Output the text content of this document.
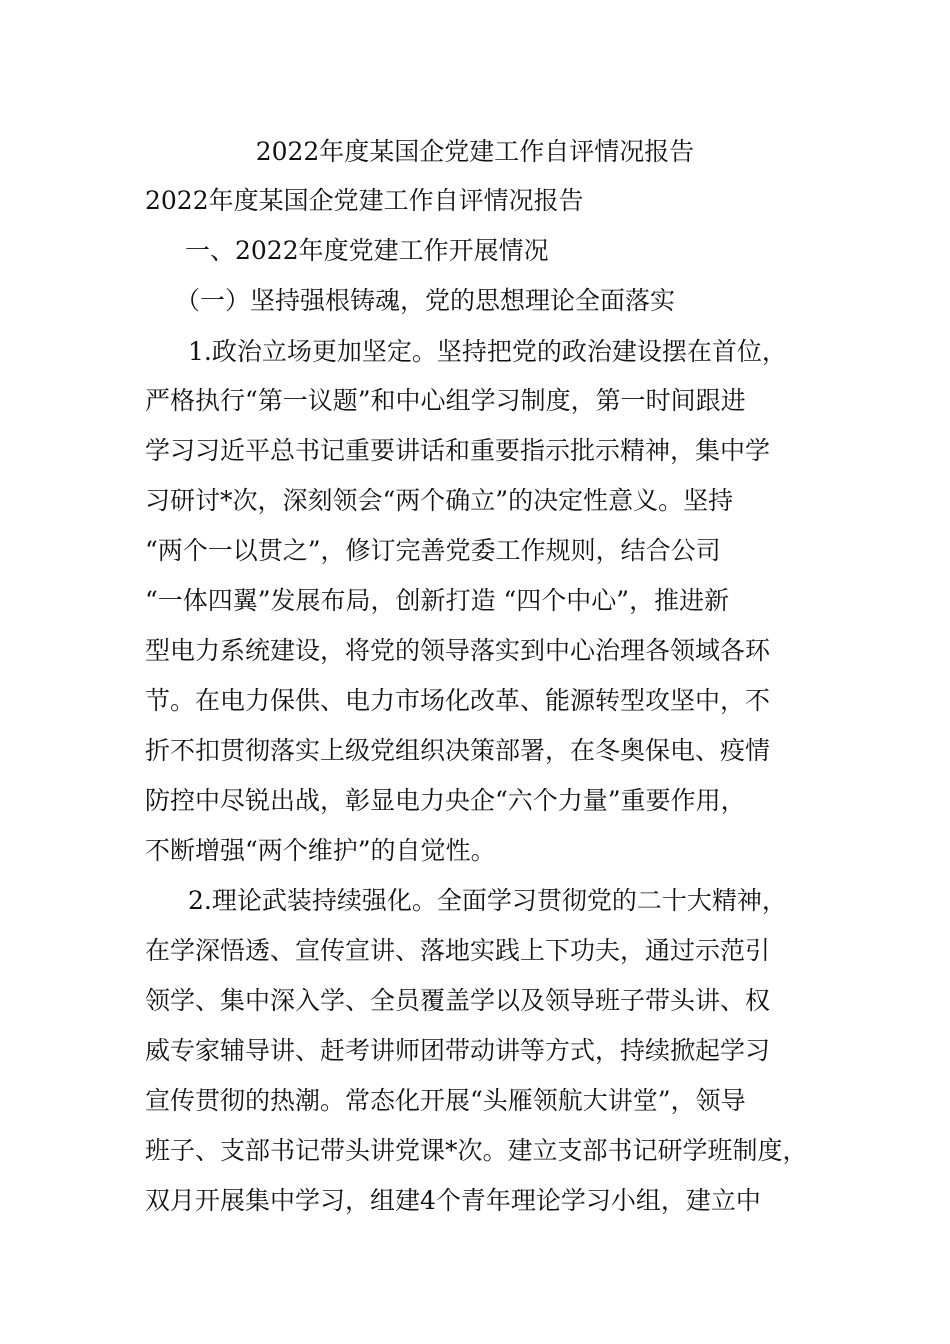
2022年度某国企党建工作自评情况报告
2022年度某国企党建工作自评情况报告
一、2022年度党建工作开展情况
（一）坚持强根铸魂，党的思想理论全面落实
1.政治立场更加坚定。坚持把党的政治建设摆在首位，
严格执行“第一议题”和中心组学习制度，第一时间跟进
学习习近平总书记重要讲话和重要指示批示精神，集中学
习研讨*次，深刻领会“两个确立”的决定性意义。坚持
“两个一以贯之”，修订完善党委工作规则，结合公司
“一体四翼”发展布局，创新打造 “四个中心”，推进新
型电力系统建设，将党的领导落实到中心治理各领域各环
节。在电力保供、电力市场化改革、能源转型攻坚中，不
折不扣贯彻落实上级党组织决策部署，在冬奥保电、疫情
防控中尽锐出战，彰显电力央企“六个力量”重要作用，
不断增强“两个维护”的自觉性。
2.理论武装持续强化。全面学习贯彻党的二十大精神，
在学深悟透、宣传宣讲、落地实践上下功夫，通过示范引
领学、集中深入学、全员覆盖学以及领导班子带头讲、权
威专家辅导讲、赶考讲师团带动讲等方式，持续掀起学习
宣传贯彻的热潮。常态化开展“头雁领航大讲堂”，领导
班子、支部书记带头讲党课*次。建立支部书记研学班制度，
双月开展集中学习，组建4个青年理论学习小组，建立中
